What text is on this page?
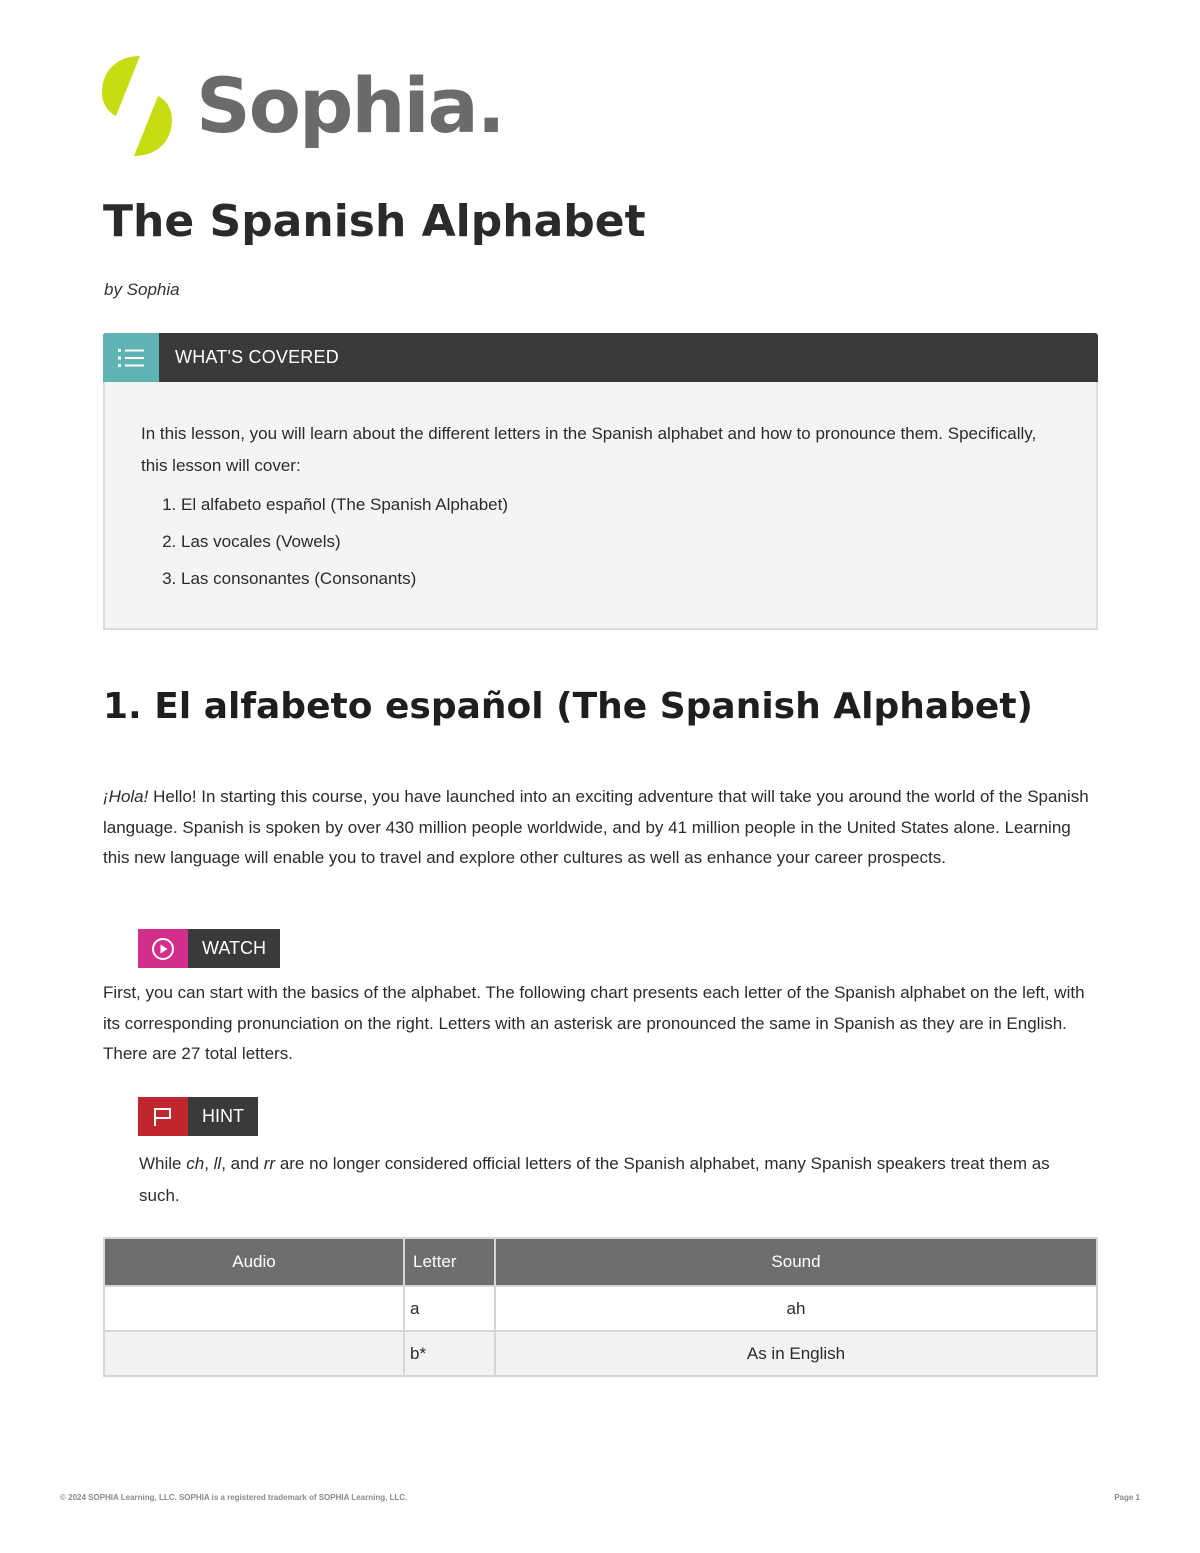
Sophia.
The Spanish Alphabet
by Sophia
WHAT'S COVERED

In this lesson, you will learn about the different letters in the Spanish alphabet and how to pronounce them. Specifically, this lesson will cover:

1. El alfabeto español (The Spanish Alphabet)
2. Las vocales (Vowels)
3. Las consonantes (Consonants)
1. El alfabeto español (The Spanish Alphabet)

¡Hola! Hello! In starting this course, you have launched into an exciting adventure that will take you around the world of the Spanish language. Spanish is spoken by over 430 million people worldwide, and by 41 million people in the United States alone. Learning this new language will enable you to travel and explore other cultures as well as enhance your career prospects.

WATCH

First, you can start with the basics of the alphabet. The following chart presents each letter of the Spanish alphabet on the left, with its corresponding pronunciation on the right. Letters with an asterisk are pronounced the same in Spanish as they are in English. There are 27 total letters.

HINT

While ch, ll, and rr are no longer considered official letters of the Spanish alphabet, many Spanish speakers treat them as such.

Audio	Letter	Sound
	a	ah
	b*	As in English
© 2024 SOPHIA Learning, LLC. SOPHIA is a registered trademark of SOPHIA Learning, LLC.	Page 1
